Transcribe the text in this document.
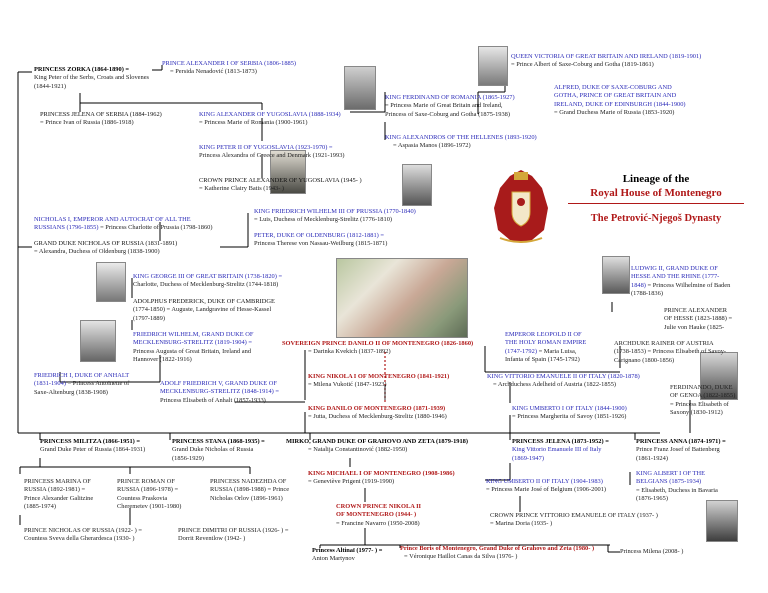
Lineage of the
Royal House of Montenegro
The Petrović-Njegoš Dynasty
PRINCESS ZORKA (1864-1890) =
King Peter of the Serbs, Croats and Slovenes (1844-1921)
PRINCE ALEXANDER I OF SERBIA (1806-1885)
= Persida Nenadović (1813-1873)
PRINCESS JELENA OF SERBIA (1884-1962)
= Prince Ivan of Russia (1886-1918)
KING ALEXANDER OF YUGOSLAVIA (1888-1934)
= Princess Marie of Romania (1900-1961)
KING PETER II OF YUGOSLAVIA (1923-1970) =
Princess Alexandra of Greece and Denmark (1921-1993)
CROWN PRINCE ALEXANDER OF YUGOSLAVIA (1945- )
= Katherine Clairy Batis (1943- )
KING FERDINAND OF ROMANIA (1865-1927)
= Princess Marie of Great Britain and Ireland,
Princess of Saxe-Coburg and Gotha (1875-1938)
KING ALEXANDROS OF THE HELLENES (1893-1920)
= Aspasia Manos (1896-1972)
QUEEN VICTORIA OF GREAT BRITAIN AND IRELAND (1819-1901)
= Prince Albert of Saxe-Coburg and Gotha (1819-1861)
ALFRED, DUKE OF SAXE-COBURG AND
GOTHA, PRINCE OF GREAT BRITAIN AND
IRELAND, DUKE OF EDINBURGH (1844-1900)
= Grand Duchess Marie of Russia (1853-1920)
NICHOLAS I, EMPEROR AND AUTOCRAT OF ALL THE
RUSSIANS (1796-1855) = Princess Charlotte of Prussia (1798-1860)
KING FRIEDRICH WILHELM III OF PRUSSIA (1770-1840)
= Luis, Duchess of Mecklenburg-Strelitz (1776-1810)
PETER, DUKE OF OLDENBURG (1812-1881) =
Princess Therese von Nassau-Weilburg (1815-1871)
GRAND DUKE NICHOLAS OF RUSSIA (1831-1891)
= Alexandra, Duchess of Oldenburg (1838-1900)
KING GEORGE III OF GREAT BRITAIN (1738-1820) =
Charlotte, Duchess of Mecklenburg-Strelitz (1744-1818)
ADOLPHUS FREDERICK, DUKE OF CAMBRIDGE
(1774-1850) = Auguste, Landgravine of Hesse-Kassel
(1797-1889)
FRIEDRICH WILHELM, GRAND DUKE OF
MECKLENBURG-STRELITZ (1819-1904) =
Princess Augusta of Great Britain, Ireland and
Hannover (1822-1916)
FRIEDRICH I, DUKE OF ANHALT
(1831-1904) = Princess Antoinette of
Saxe-Altenburg (1838-1908)
ADOLF FRIEDRICH V, GRAND DUKE OF
MECKLENBURG-STRELITZ (1848-1914) =
Princess Elisabeth of Anhalt (1857-1933)
SOVEREIGN PRINCE DANILO II OF MONTENEGRO (1826-1860)
= Darinka Kvekich (1837-1892)
KING NIKOLA I OF MONTENEGRO (1841-1921)
= Milena Vukotić (1847-1923)
KING DANILO OF MONTENEGRO (1871-1939)
= Jutta, Duchess of Mecklenburg-Strelitz (1880-1946)
LUDWIG II, GRAND DUKE OF
HESSE AND THE RHINE (1777-
1848) = Princess Wilhelmine of Baden
(1788-1836)
PRINCE ALEXANDER
OF HESSE (1823-1888) =
Julie von Hauke (1825-
EMPEROR LEOPOLD II OF
THE HOLY ROMAN EMPIRE
(1747-1792) = Maria Luisa,
Infanta of Spain (1745-1792)
ARCHDUKE RAINER OF AUSTRIA
(1738-1853) = Princess Elisabeth of Savoy-
Carignano (1800-1856)
KING VITTORIO EMANUELE II OF ITALY (1820-1878)
= Archduchess Adelheid of Austria (1822-1855)	FERDINANDO, DUKE
OF GENOA (1822-1855)
= Princess Elisabeth of
Saxony (1830-1912)
KING UMBERTO I OF ITALY (1844-1900)
= Princess Margherita of Savoy (1851-1926)
PRINCESS MILITZA (1866-1951) =
Grand Duke Peter of Russia (1864-1931)
PRINCESS STANA (1868-1935) =
Grand Duke Nicholas of Russia
(1856-1929)
MIRKO, GRAND DUKE OF GRAHOVO AND ZETA (1879-1918)
= Natalija Constantinović (1882-1950)
PRINCESS JELENA (1873-1952) =
King Vittorio Emanuele III of Italy
(1869-1947)
PRINCESS ANNA (1874-1971) =
Prince Franz Josef of Battenberg
(1861-1924)
PRINCESS MARINA OF
RUSSIA (1892-1981) =
Prince Alexander Galitzine
(1885-1974)
PRINCE ROMAN OF
RUSSIA (1896-1978) =
Countess Praskovia
Cheremetev (1901-1980)
PRINCESS NADEZHDA OF
RUSSIA (1898-1988) = Prince
Nicholas Orlov (1896-1961)
KING MICHAEL I OF MONTENEGRO (1908-1986)
= Geneviève Prigent (1919-1990)	KING UMBERTO II OF ITALY (1904-1983)
= Princess Marie José of Belgium (1906-2001)
KING ALBERT I OF THE
BELGIANS (1875-1934)
= Elisabeth, Duchess in Bavaria
(1876-1965)
CROWN PRINCE NIKOLA II
OF MONTENEGRO (1944- )
= Francine Navarro (1950-2008)
CROWN PRINCE VITTORIO EMANUELE OF ITALY (1937- )
= Marina Doria (1935- )
PRINCE NICHOLAS OF RUSSIA (1922- ) =
Countess Sveva della Gherardesca (1930- )
PRINCE DIMITRI OF RUSSIA (1926- ) =
Dorrit Reventlow (1942- )
Princess Altinaï (1977- ) =
Anton Martynov
Prince Boris of Montenegro, Grand Duke of Grahovo and Zeta (1980- )
= Véronique Haillot Canas da Silva (1976- )
Princess Milena (2008- )
